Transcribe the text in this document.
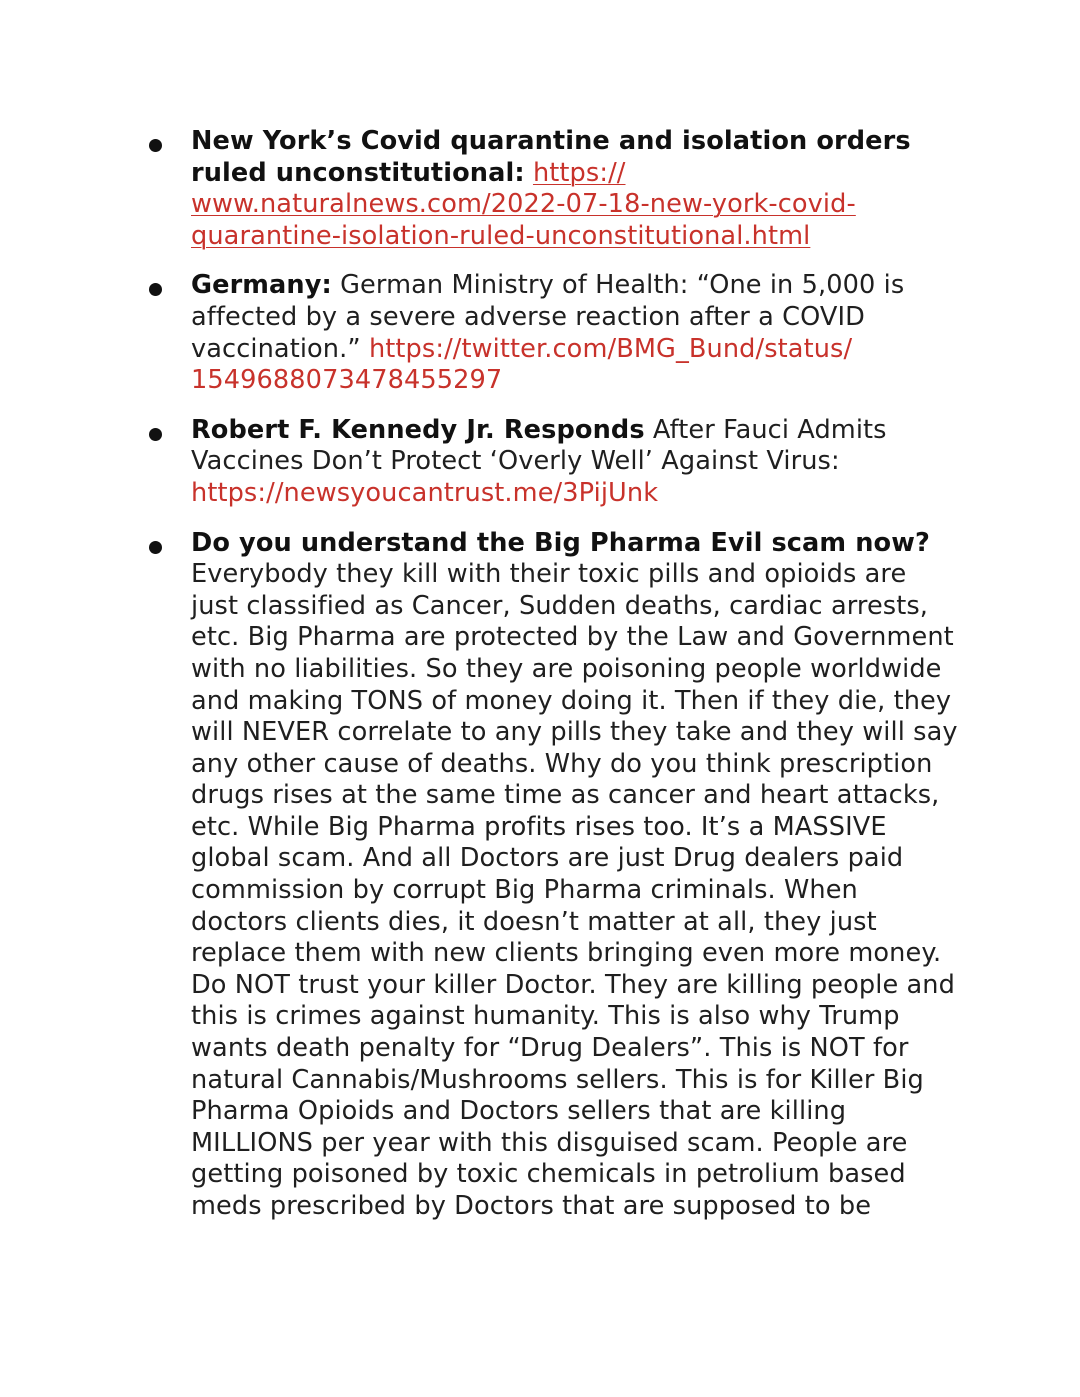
New York’s Covid quarantine and isolation orders ruled unconstitutional: https:// www.naturalnews.com/2022-07-18-new-york-covid-quarantine-isolation-ruled-unconstitutional.html
Germany: German Ministry of Health: “One in 5,000 is affected by a severe adverse reaction after a COVID vaccination.” https://twitter.com/BMG_Bund/status/ 1549688073478455297
Robert F. Kennedy Jr. Responds After Fauci Admits Vaccines Don’t Protect ‘Overly Well’ Against Virus: https://newsyoucantrust.me/3PijUnk
Do you understand the Big Pharma Evil scam now? Everybody they kill with their toxic pills and opioids are just classified as Cancer, Sudden deaths, cardiac arrests, etc. Big Pharma are protected by the Law and Government with no liabilities. So they are poisoning people worldwide and making TONS of money doing it. Then if they die, they will NEVER correlate to any pills they take and they will say any other cause of deaths. Why do you think prescription drugs rises at the same time as cancer and heart attacks, etc. While Big Pharma profits rises too. It’s a MASSIVE global scam. And all Doctors are just Drug dealers paid commission by corrupt Big Pharma criminals. When doctors clients dies, it doesn’t matter at all, they just replace them with new clients bringing even more money. Do NOT trust your killer Doctor. They are killing people and this is crimes against humanity. This is also why Trump wants death penalty for “Drug Dealers”. This is NOT for natural Cannabis/Mushrooms sellers. This is for Killer Big Pharma Opioids and Doctors sellers that are killing MILLIONS per year with this disguised scam. People are getting poisoned by toxic chemicals in petrolium based meds prescribed by Doctors that are supposed to be
